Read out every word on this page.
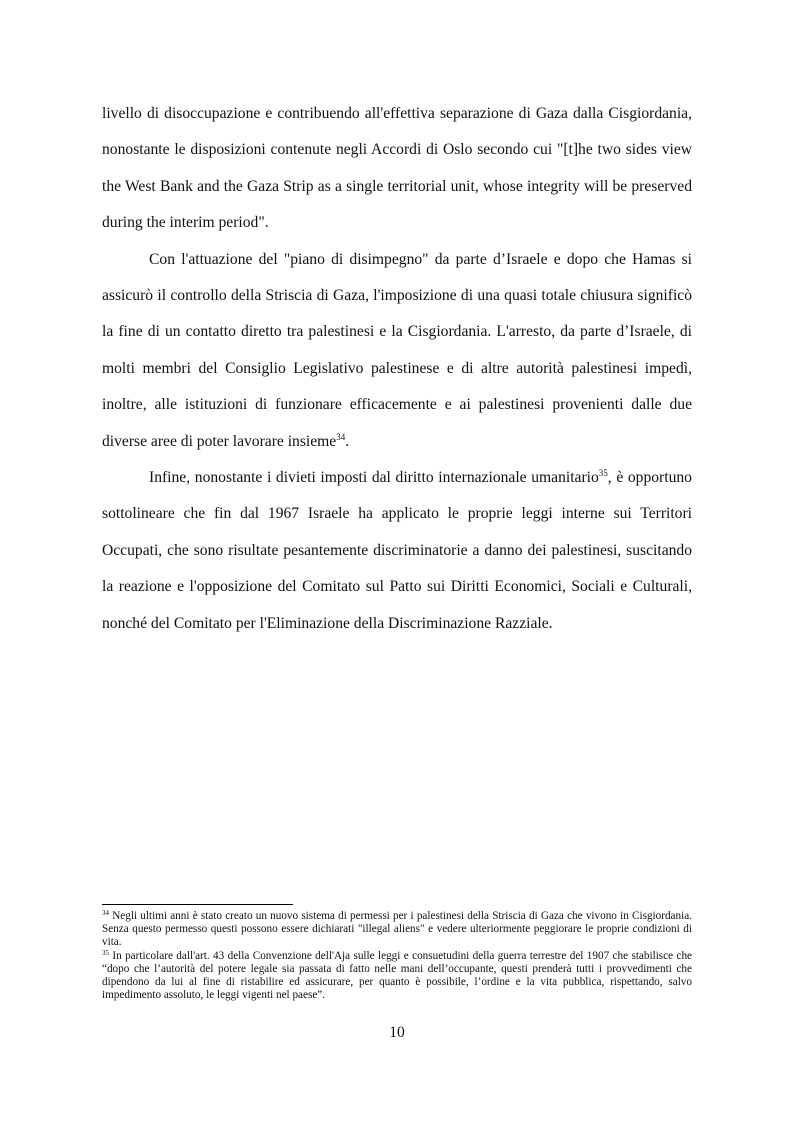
livello di disoccupazione e contribuendo all'effettiva separazione di Gaza dalla Cisgiordania, nonostante le disposizioni contenute negli Accordi di Oslo secondo cui "[t]he two sides view the West Bank and the Gaza Strip as a single territorial unit, whose integrity will be preserved during the interim period".

Con l'attuazione del "piano di disimpegno" da parte d’Israele e dopo che Hamas si assicurò il controllo della Striscia di Gaza, l'imposizione di una quasi totale chiusura significò la fine di un contatto diretto tra palestinesi e la Cisgiordania. L'arresto, da parte d’Israele, di molti membri del Consiglio Legislativo palestinese e di altre autorità palestinesi impedì, inoltre, alle istituzioni di funzionare efficacemente e ai palestinesi provenienti dalle due diverse aree di poter lavorare insieme$^{34}$.

Infine, nonostante i divieti imposti dal diritto internazionale umanitario$^{35}$, è opportuno sottolineare che fin dal 1967 Israele ha applicato le proprie leggi interne sui Territori Occupati, che sono risultate pesantemente discriminatorie a danno dei palestinesi, suscitando la reazione e l'opposizione del Comitato sul Patto sui Diritti Economici, Sociali e Culturali, nonché del Comitato per l'Eliminazione della Discriminazione Razziale.

$^{34}$ Negli ultimi anni è stato creato un nuovo sistema di permessi per i palestinesi della Striscia di Gaza che vivono in Cisgiordania. Senza questo permesso questi possono essere dichiarati "illegal aliens" e vedere ulteriormente peggiorare le proprie condizioni di vita.

$^{35}$ In particolare dall'art. 43 della Convenzione dell'Aja sulle leggi e consuetudini della guerra terrestre del 1907 che stabilisce che “dopo che l’autorità del potere legale sia passata di fatto nelle mani dell’occupante, questi prenderà tutti i provvedimenti che dipendono da lui al fine di ristabilire ed assicurare, per quanto è possibile, l’ordine e la vita pubblica, rispettando, salvo impedimento assoluto, le leggi vigenti nel paese”.

10
